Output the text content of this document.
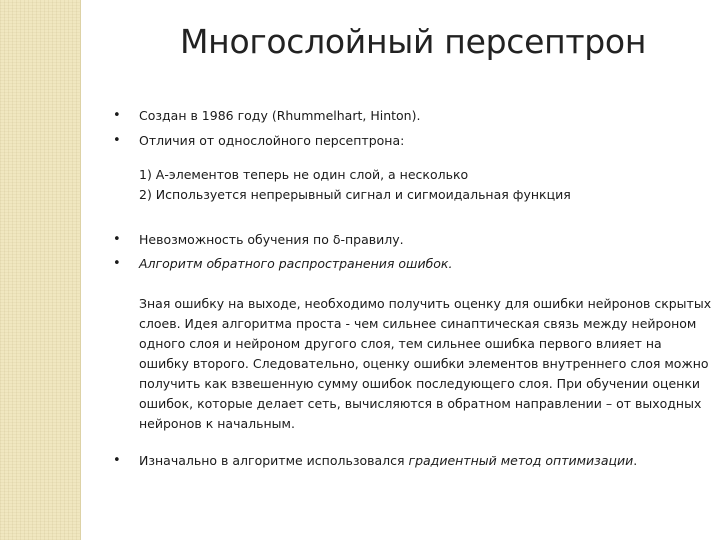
Многослойный персептрон
• Создан в 1986 году (Rhummelhart, Hinton).
• Отличия от однослойного персептрона:
1) А-элементов теперь не один слой, а несколько
2) Используется непрерывный сигнал и сигмоидальная функция
• Невозможность обучения по δ-правилу.
• Алгоритм обратного распространения ошибок.
Зная ошибку на выходе, необходимо получить оценку для ошибки нейронов скрытых слоев. Идея алгоритма проста - чем сильнее синаптическая связь между нейроном одного слоя и нейроном другого слоя, тем сильнее ошибка первого влияет на ошибку второго. Следовательно, оценку ошибки элементов внутреннего слоя можно получить как взвешенную сумму ошибок последующего слоя. При обучении оценки ошибок, которые делает сеть, вычисляются в обратном направлении – от выходных нейронов к начальным.
• Изначально в алгоритме использовался градиентный метод оптимизации.
